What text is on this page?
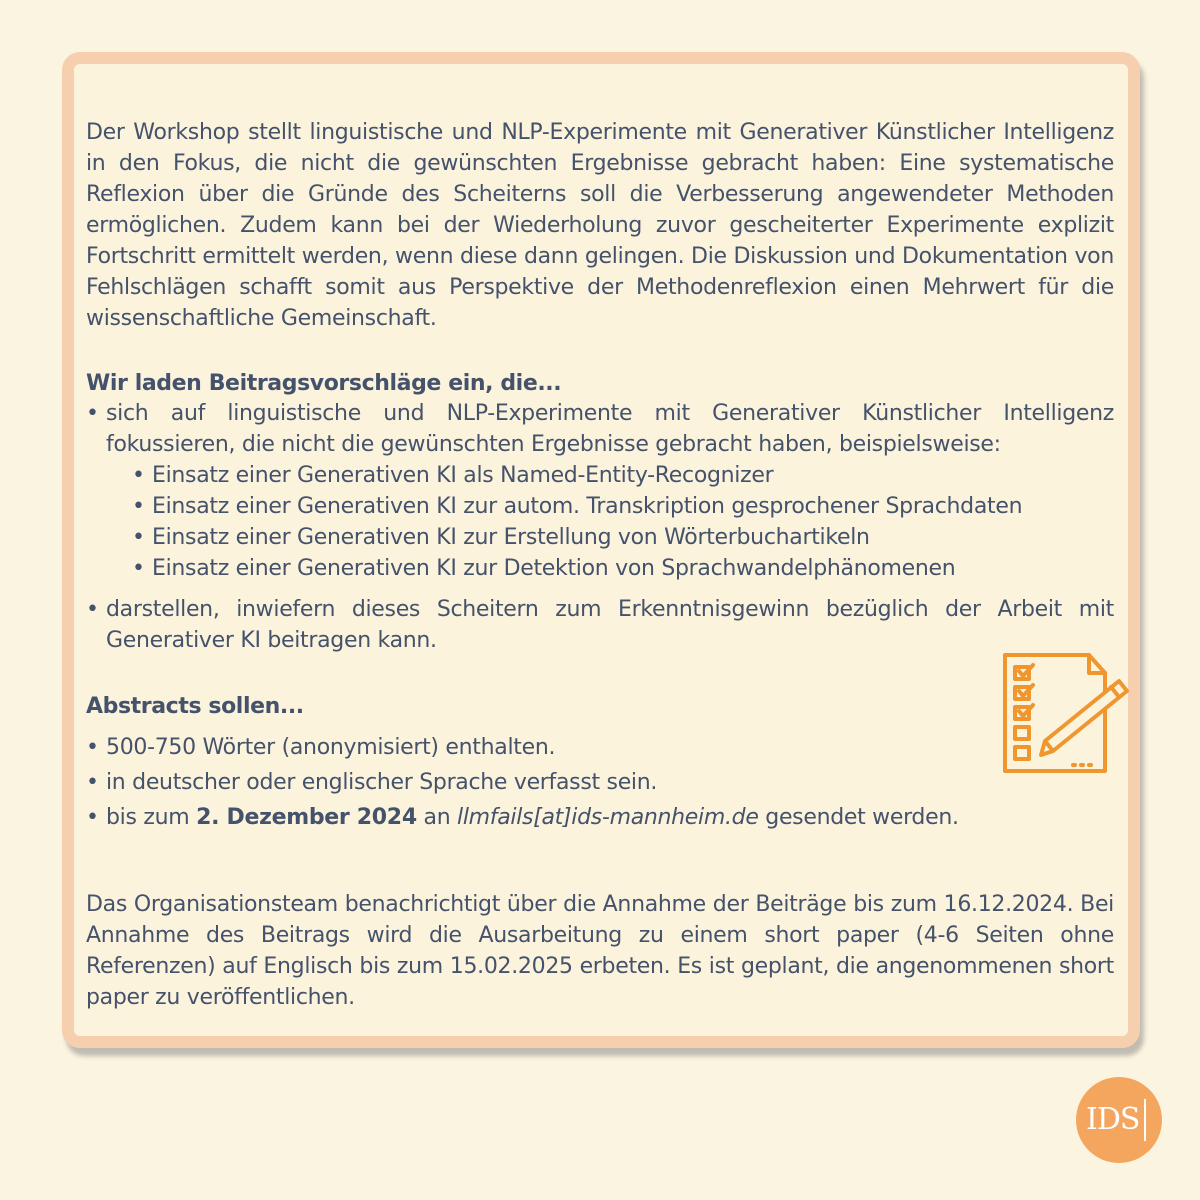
Der Workshop stellt linguistische und NLP-Experimente mit Generativer Künstlicher Intelligenz in den Fokus, die nicht die gewünschten Ergebnisse gebracht haben: Eine systematische Reflexion über die Gründe des Scheiterns soll die Verbesserung angewendeter Methoden ermöglichen. Zudem kann bei der Wiederholung zuvor gescheiterter Experimente explizit Fortschritt ermittelt werden, wenn diese dann gelingen. Die Diskussion und Dokumentation von Fehlschlägen schafft somit aus Perspektive der Methodenreflexion einen Mehrwert für die wissenschaftliche Gemeinschaft.
Wir laden Beitragsvorschläge ein, die...
• sich auf linguistische und NLP-Experimente mit Generativer Künstlicher Intelligenz fokussieren, die nicht die gewünschten Ergebnisse gebracht haben, beispielsweise:
• Einsatz einer Generativen KI als Named-Entity-Recognizer
• Einsatz einer Generativen KI zur autom. Transkription gesprochener Sprachdaten
• Einsatz einer Generativen KI zur Erstellung von Wörterbuchartikeln
• Einsatz einer Generativen KI zur Detektion von Sprachwandelphänomenen
• darstellen, inwiefern dieses Scheitern zum Erkenntnisgewinn bezüglich der Arbeit mit Generativer KI beitragen kann.
Abstracts sollen...
• 500-750 Wörter (anonymisiert) enthalten.
• in deutscher oder englischer Sprache verfasst sein.
• bis zum 2. Dezember 2024 an llmfails[at]ids-mannheim.de gesendet werden.
Das Organisationsteam benachrichtigt über die Annahme der Beiträge bis zum 16.12.2024. Bei Annahme des Beitrags wird die Ausarbeitung zu einem short paper (4-6 Seiten ohne Referenzen) auf Englisch bis zum 15.02.2025 erbeten. Es ist geplant, die angenommenen short paper zu veröffentlichen.
IDS
